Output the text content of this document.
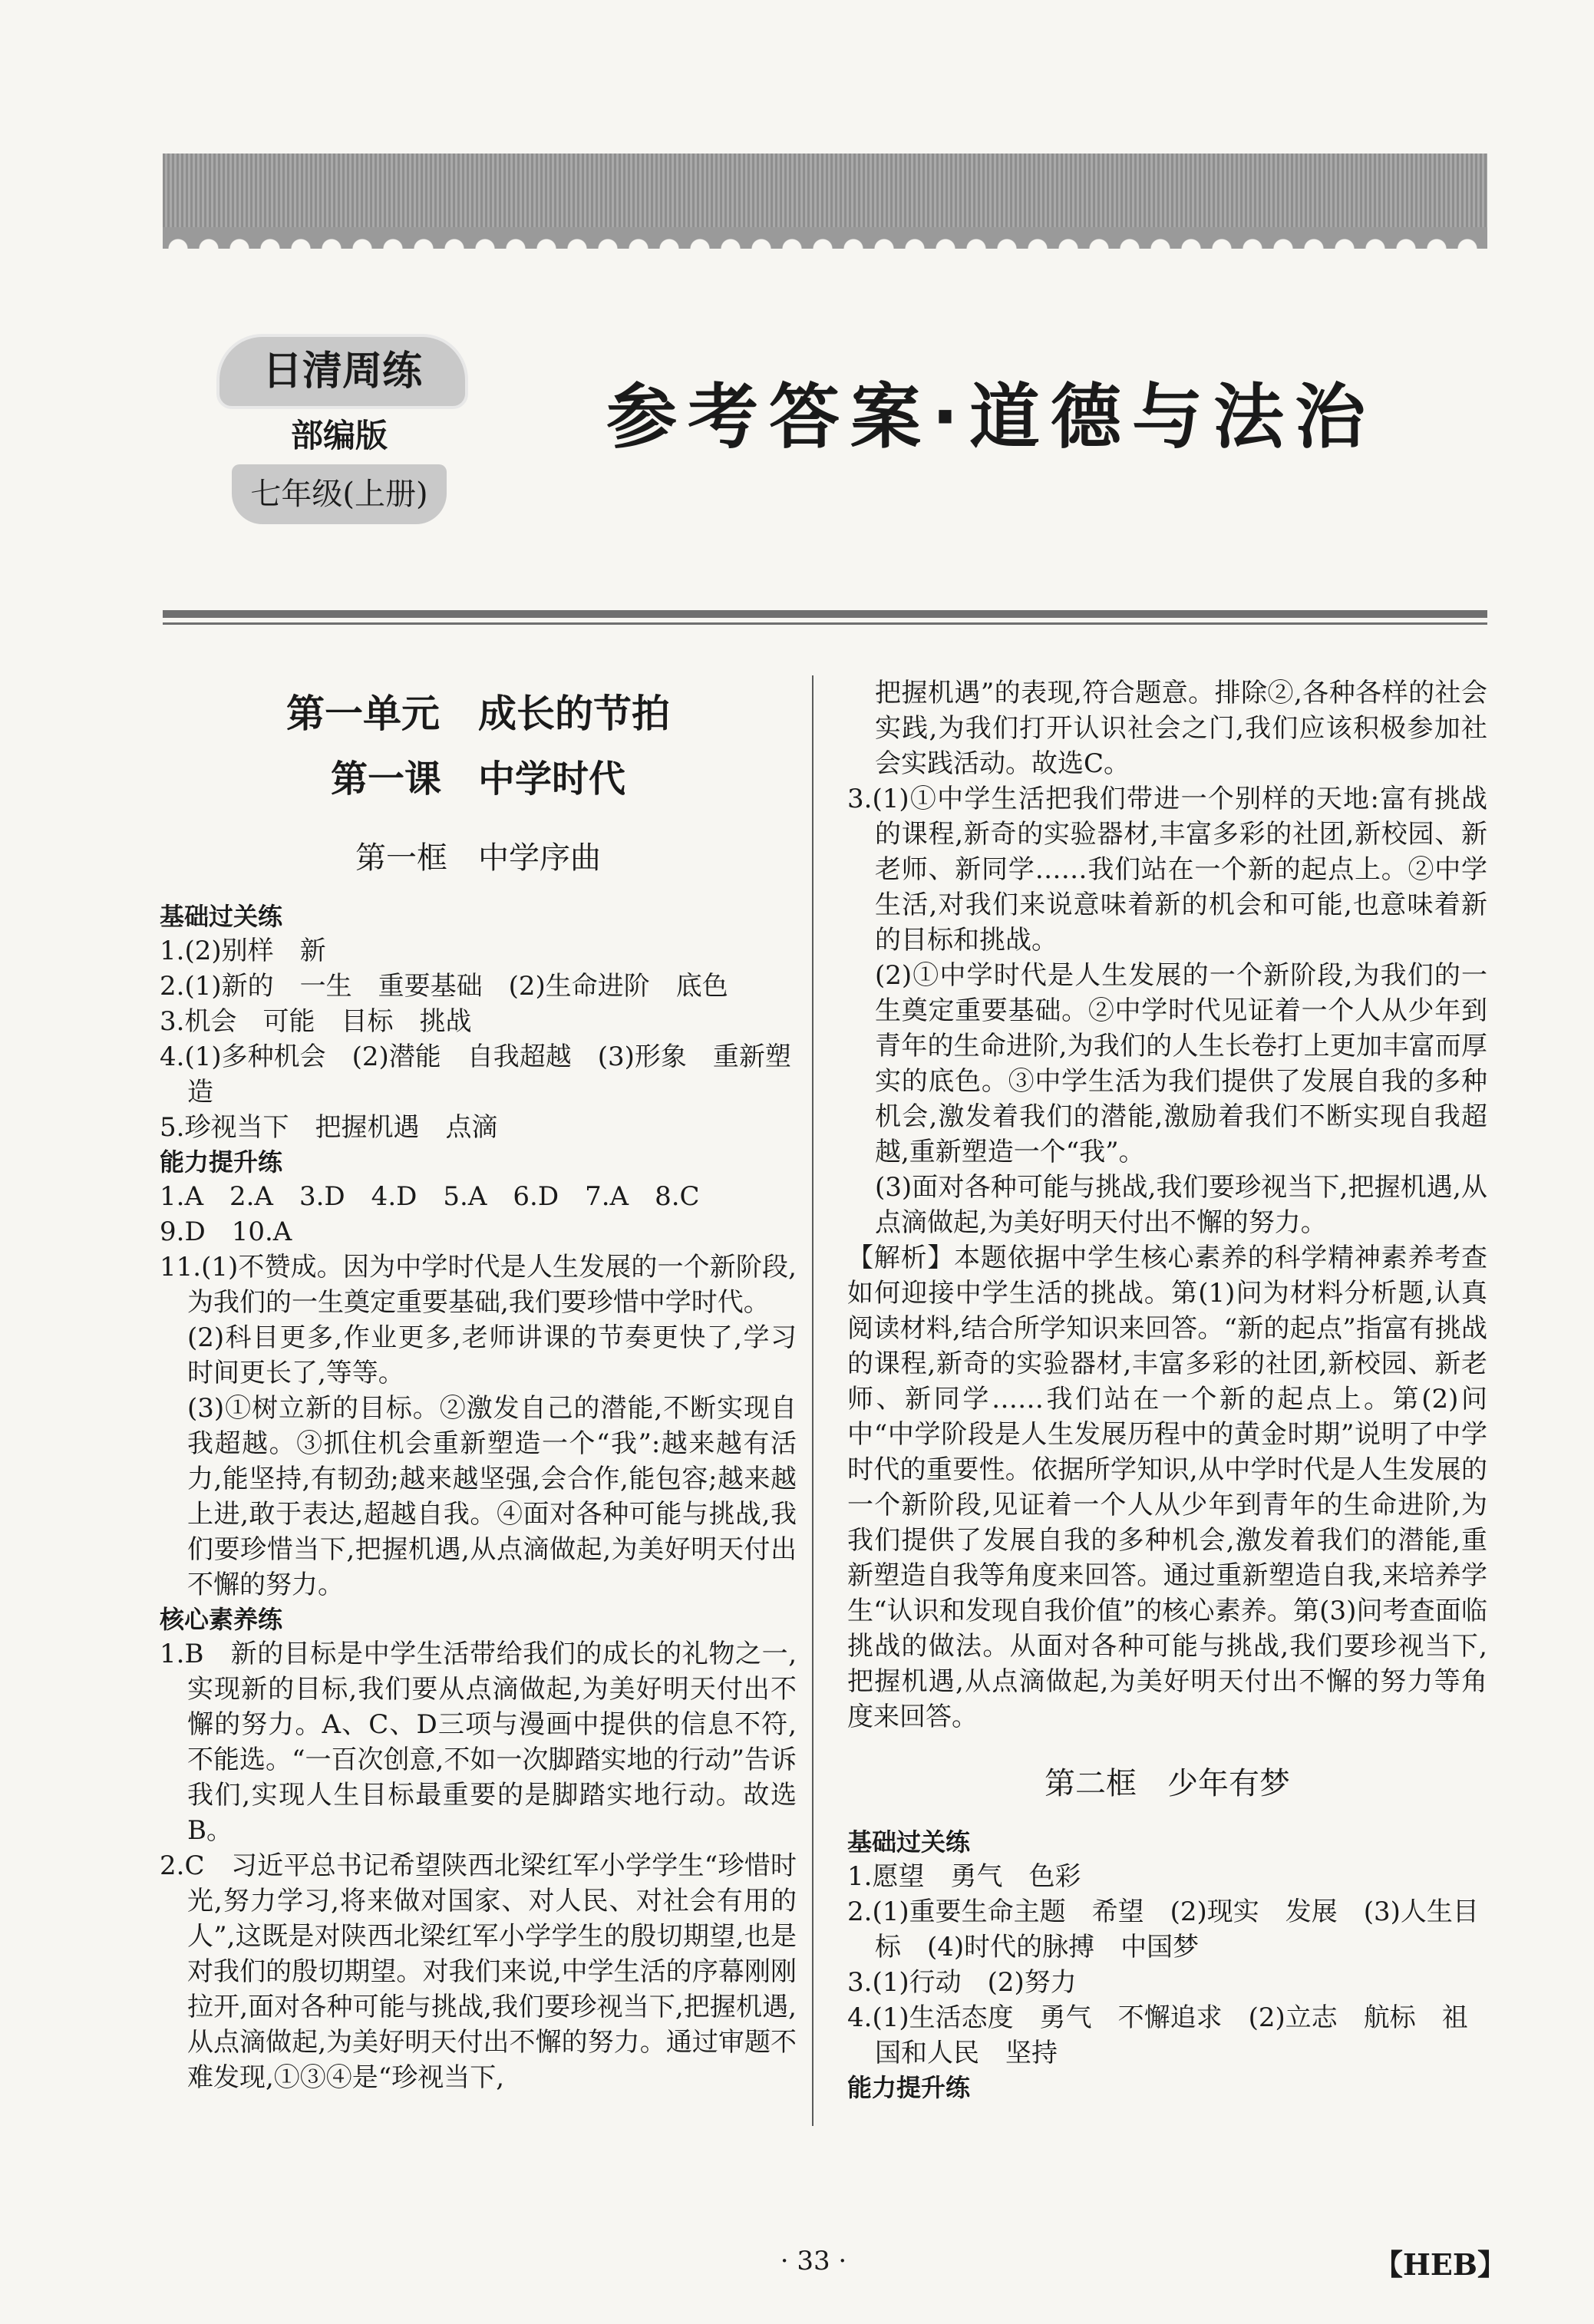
日清周练
部编版
七年级(上册)
参考答案·道德与法治
第一单元　成长的节拍
第一课　中学时代
第一框　中学序曲
基础过关练

1.(2)别样　新

2.(1)新的　一生　重要基础　(2)生命进阶　底色

3.机会　可能　目标　挑战

4.(1)多种机会　(2)潜能　自我超越　(3)形象　重新塑造

5.珍视当下　把握机遇　点滴

能力提升练

1.A　2.A　3.D　4.D　5.A　6.D　7.A　8.C

9.D　10.A

11.(1)不赞成。因为中学时代是人生发展的一个新阶段,为我们的一生奠定重要基础,我们要珍惜中学时代。

(2)科目更多,作业更多,老师讲课的节奏更快了,学习时间更长了,等等。

(3)①树立新的目标。②激发自己的潜能,不断实现自我超越。③抓住机会重新塑造一个“我”:越来越有活力,能坚持,有韧劲;越来越坚强,会合作,能包容;越来越上进,敢于表达,超越自我。④面对各种可能与挑战,我们要珍惜当下,把握机遇,从点滴做起,为美好明天付出不懈的努力。

核心素养练

1.B　新的目标是中学生活带给我们的成长的礼物之一,实现新的目标,我们要从点滴做起,为美好明天付出不懈的努力。A、C、D三项与漫画中提供的信息不符,不能选。“一百次创意,不如一次脚踏实地的行动”告诉我们,实现人生目标最重要的是脚踏实地行动。故选B。

2.C　习近平总书记希望陕西北梁红军小学学生“珍惜时光,努力学习,将来做对国家、对人民、对社会有用的人”,这既是对陕西北梁红军小学学生的殷切期望,也是对我们的殷切期望。对我们来说,中学生活的序幕刚刚拉开,面对各种可能与挑战,我们要珍视当下,把握机遇,从点滴做起,为美好明天付出不懈的努力。通过审题不难发现,①③④是“珍视当下,

把握机遇”的表现,符合题意。排除②,各种各样的社会实践,为我们打开认识社会之门,我们应该积极参加社会实践活动。故选C。

3.(1)①中学生活把我们带进一个别样的天地:富有挑战的课程,新奇的实验器材,丰富多彩的社团,新校园、新老师、新同学……我们站在一个新的起点上。②中学生活,对我们来说意味着新的机会和可能,也意味着新的目标和挑战。

(2)①中学时代是人生发展的一个新阶段,为我们的一生奠定重要基础。②中学时代见证着一个人从少年到青年的生命进阶,为我们的人生长卷打上更加丰富而厚实的底色。③中学生活为我们提供了发展自我的多种机会,激发着我们的潜能,激励着我们不断实现自我超越,重新塑造一个“我”。

(3)面对各种可能与挑战,我们要珍视当下,把握机遇,从点滴做起,为美好明天付出不懈的努力。

【解析】本题依据中学生核心素养的科学精神素养考查如何迎接中学生活的挑战。第(1)问为材料分析题,认真阅读材料,结合所学知识来回答。“新的起点”指富有挑战的课程,新奇的实验器材,丰富多彩的社团,新校园、新老师、新同学……我们站在一个新的起点上。第(2)问中“中学阶段是人生发展历程中的黄金时期”说明了中学时代的重要性。依据所学知识,从中学时代是人生发展的一个新阶段,见证着一个人从少年到青年的生命进阶,为我们提供了发展自我的多种机会,激发着我们的潜能,重新塑造自我等角度来回答。通过重新塑造自我,来培养学生“认识和发现自我价值”的核心素养。第(3)问考查面临挑战的做法。从面对各种可能与挑战,我们要珍视当下,把握机遇,从点滴做起,为美好明天付出不懈的努力等角度来回答。

第二框　少年有梦
基础过关练

1.愿望　勇气　色彩

2.(1)重要生命主题　希望　(2)现实　发展　(3)人生目标　(4)时代的脉搏　中国梦

3.(1)行动　(2)努力

4.(1)生活态度　勇气　不懈追求　(2)立志　航标　祖国和人民　坚持

能力提升练
· 33 ·	【HEB】
